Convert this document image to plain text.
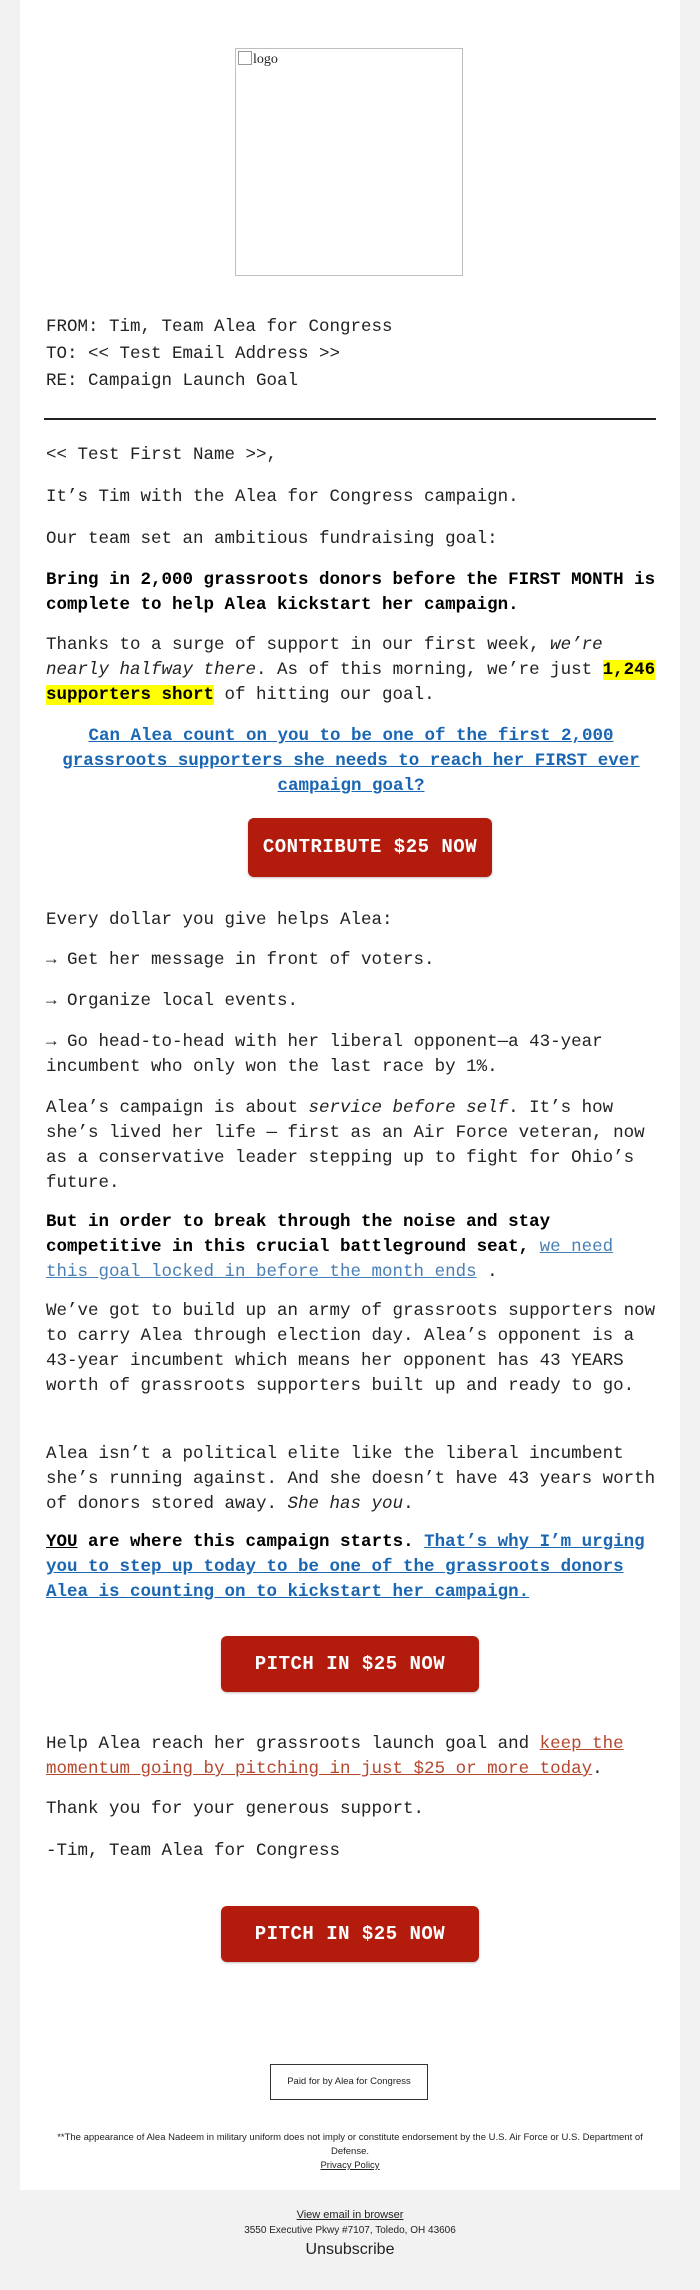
logo
FROM: Tim, Team Alea for Congress
TO: << Test Email Address >>
RE: Campaign Launch Goal
<< Test First Name >>,
It’s Tim with the Alea for Congress campaign.
Our team set an ambitious fundraising goal:
Bring in 2,000 grassroots donors before the FIRST MONTH is complete to help Alea kickstart her campaign.
Thanks to a surge of support in our first week, we’re nearly halfway there. As of this morning, we’re just 1,246 supporters short of hitting our goal.
Can Alea count on you to be one of the first 2,000 grassroots supporters she needs to reach her FIRST ever campaign goal?
CONTRIBUTE $25 NOW
Every dollar you give helps Alea:
→ Get her message in front of voters.
→ Organize local events.
→ Go head-to-head with her liberal opponent—a 43-year incumbent who only won the last race by 1%.
Alea’s campaign is about service before self. It’s how she’s lived her life — first as an Air Force veteran, now as a conservative leader stepping up to fight for Ohio’s future.
But in order to break through the noise and stay competitive in this crucial battleground seat, we need this goal locked in before the month ends .
We’ve got to build up an army of grassroots supporters now to carry Alea through election day. Alea’s opponent is a 43-year incumbent which means her opponent has 43 YEARS worth of grassroots supporters built up and ready to go.
Alea isn’t a political elite like the liberal incumbent she’s running against. And she doesn’t have 43 years worth of donors stored away. She has you.
YOU are where this campaign starts. That’s why I’m urging you to step up today to be one of the grassroots donors Alea is counting on to kickstart her campaign.
PITCH IN $25 NOW
Help Alea reach her grassroots launch goal and keep the momentum going by pitching in just $25 or more today.
Thank you for your generous support.
-Tim, Team Alea for Congress
PITCH IN $25 NOW
Paid for by Alea for Congress
**The appearance of Alea Nadeem in military uniform does not imply or constitute endorsement by the U.S. Air Force or U.S. Department of Defense.
Privacy Policy
View email in browser
3550 Executive Pkwy #7107, Toledo, OH 43606
Unsubscribe
